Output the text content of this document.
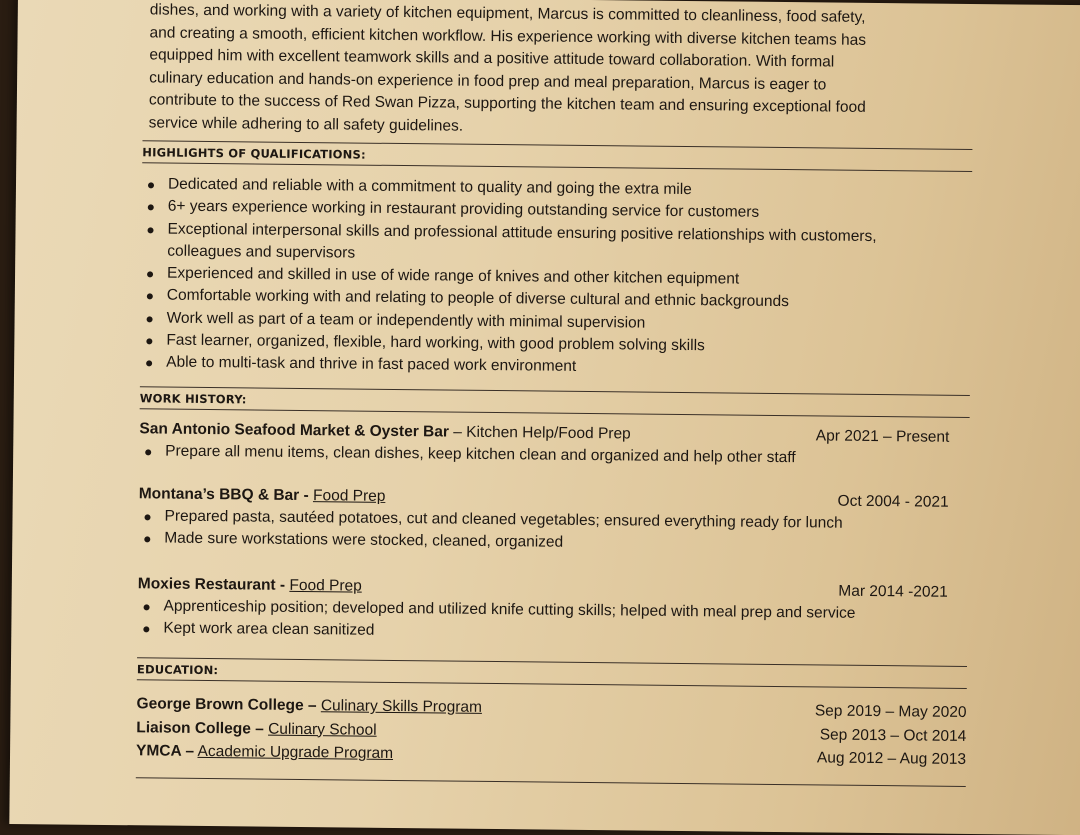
dishes, and working with a variety of kitchen equipment, Marcus is committed to cleanliness, food safety,

and creating a smooth, efficient kitchen workflow. His experience working with diverse kitchen teams has

equipped him with excellent teamwork skills and a positive attitude toward collaboration. With formal

culinary education and hands-on experience in food prep and meal preparation, Marcus is eager to

contribute to the success of Red Swan Pizza, supporting the kitchen team and ensuring exceptional food

service while adhering to all safety guidelines.

HIGHLIGHTS OF QUALIFICATIONS:
Dedicated and reliable with a commitment to quality and going the extra mile
6+ years experience working in restaurant providing outstanding service for customers
Exceptional interpersonal skills and professional attitude ensuring positive relationships with customers, colleagues and supervisors
Experienced and skilled in use of wide range of knives and other kitchen equipment
Comfortable working with and relating to people of diverse cultural and ethnic backgrounds
Work well as part of a team or independently with minimal supervision
Fast learner, organized, flexible, hard working, with good problem solving skills
Able to multi-task and thrive in fast paced work environment
WORK HISTORY:
San Antonio Seafood Market & Oyster Bar – Kitchen Help/Food Prep	Apr 2021 – Present
Prepare all menu items, clean dishes, keep kitchen clean and organized and help other staff
Montana’s BBQ & Bar - Food Prep	Oct 2004 - 2021
Prepared pasta, sautéed potatoes, cut and cleaned vegetables; ensured everything ready for lunch
Made sure workstations were stocked, cleaned, organized
Moxies Restaurant - Food Prep	Mar 2014 -2021
Apprenticeship position; developed and utilized knife cutting skills; helped with meal prep and service
Kept work area clean sanitized
EDUCATION:
George Brown College – Culinary Skills Program	Sep 2019 – May 2020
Liaison College – Culinary School	Sep 2013 – Oct 2014
YMCA – Academic Upgrade Program	Aug 2012 – Aug 2013
